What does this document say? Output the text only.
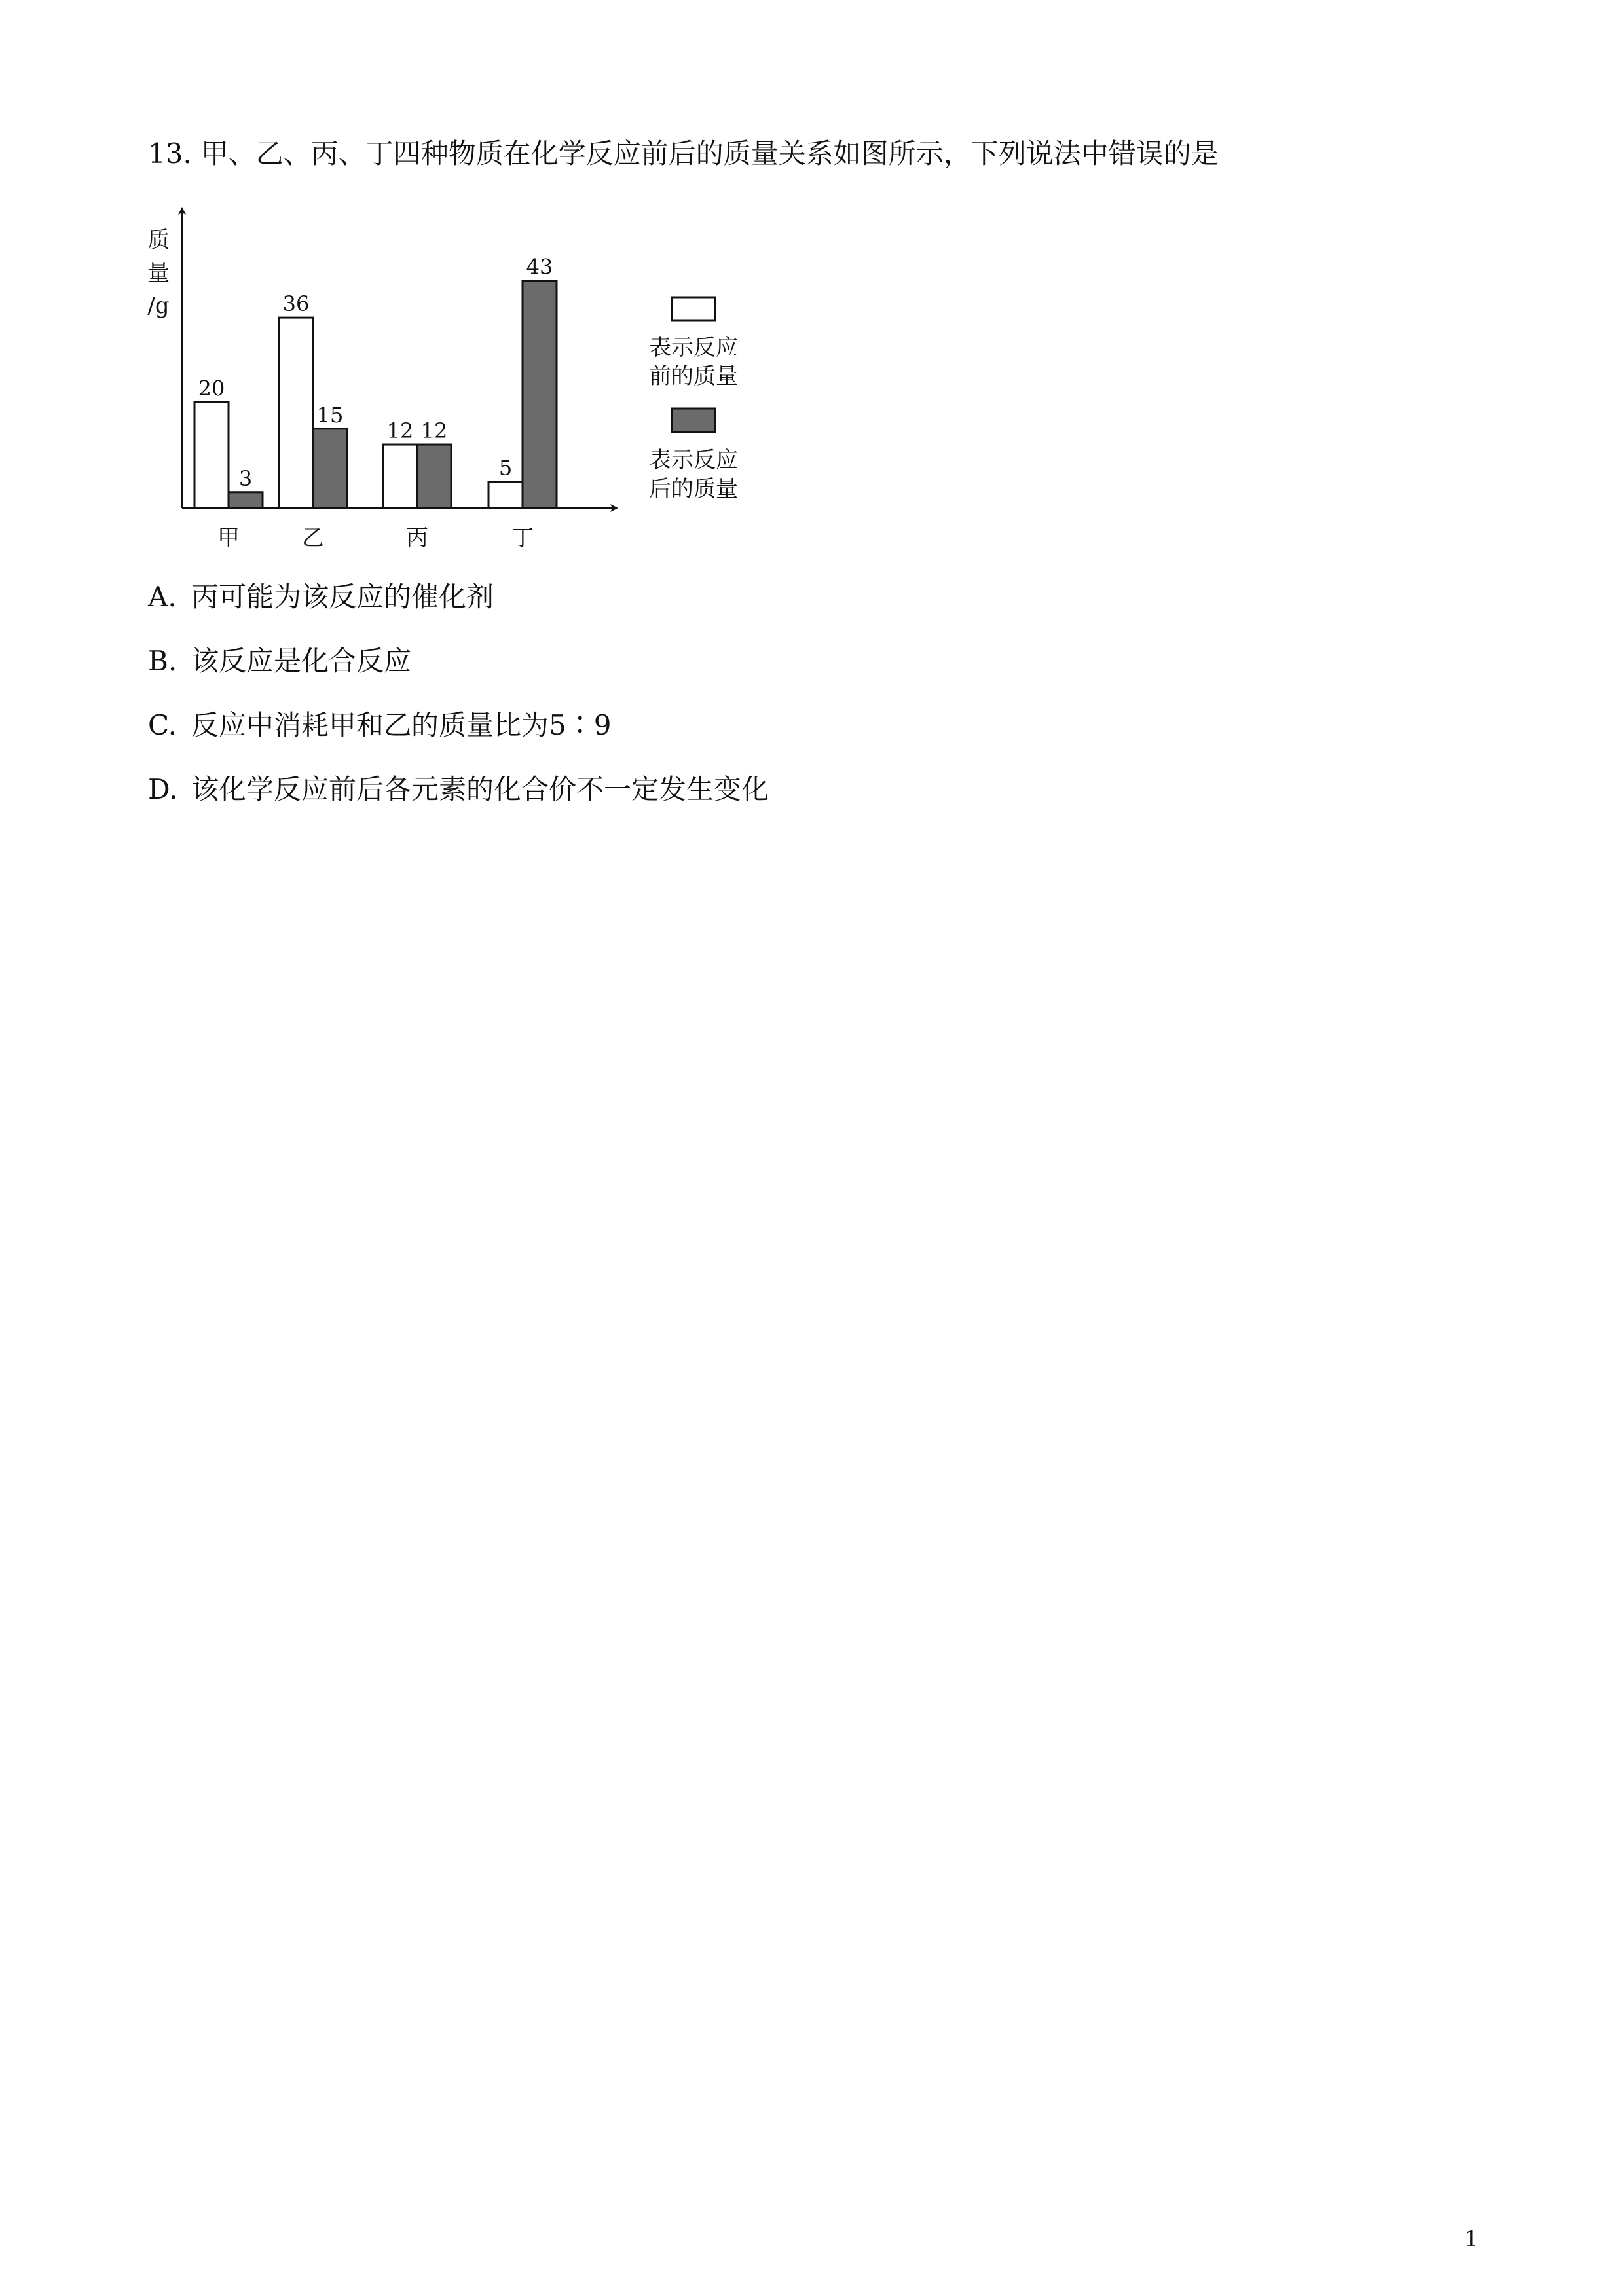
13. 甲、乙、丙、丁四种物质在化学反应前后的质量关系如图所示，下列说法中错误的是
质
量
/g
20
3
甲
36
15
乙
12 12
丙
5
43
丁
表示反应
前的质量
表示反应
后的质量
A. 丙可能为该反应的催化剂
B. 该反应是化合反应
C. 反应中消耗甲和乙的质量比为5∶9
D. 该化学反应前后各元素的化合价不一定发生变化
1
